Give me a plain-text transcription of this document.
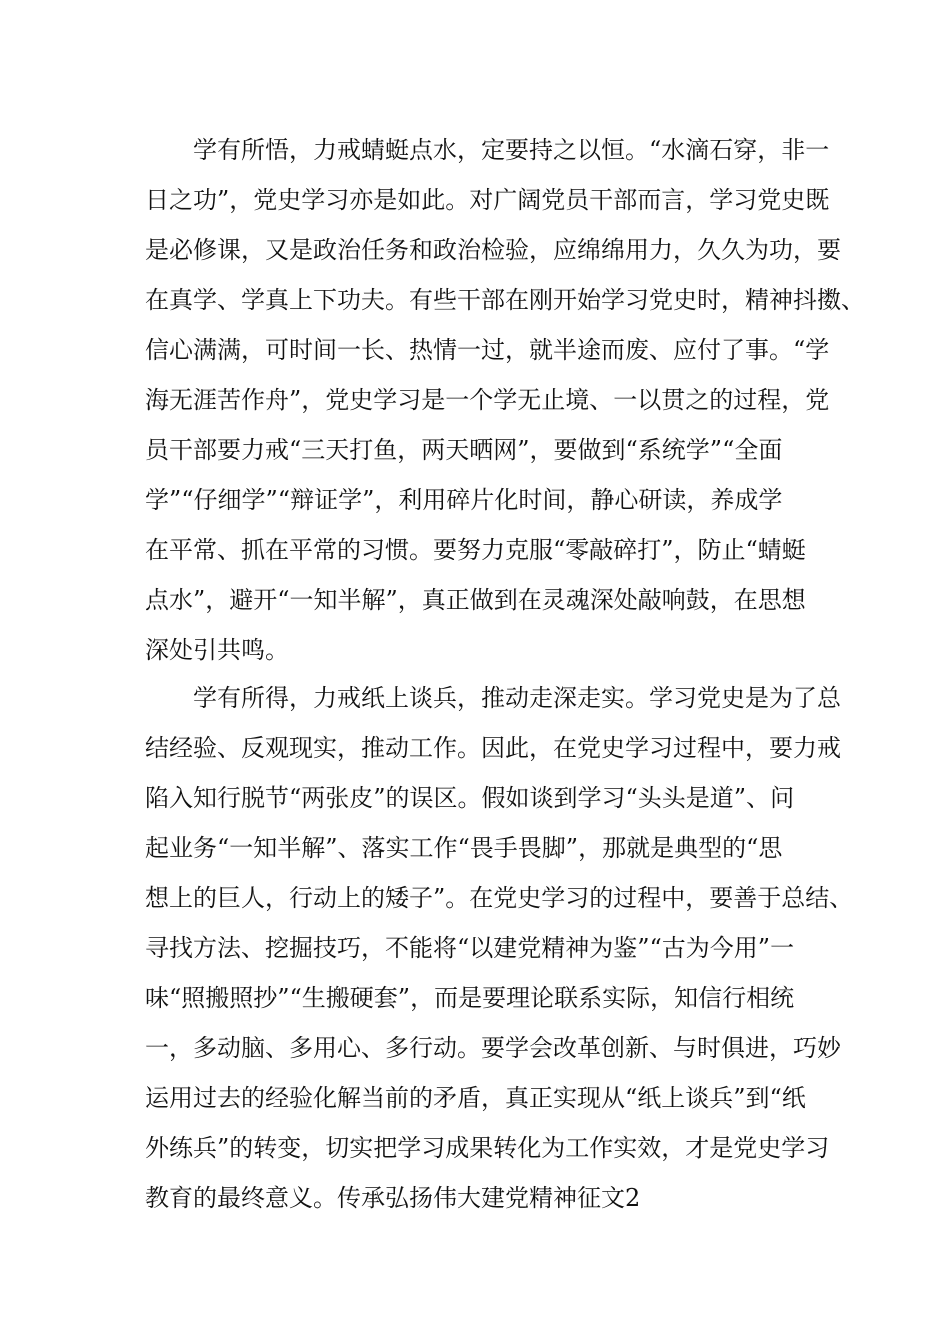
学有所悟，力戒蜻蜓点水，定要持之以恒。“水滴石穿，非一
日之功”，党史学习亦是如此。对广阔党员干部而言，学习党史既
是必修课，又是政治任务和政治检验，应绵绵用力，久久为功，要
在真学、学真上下功夫。有些干部在刚开始学习党史时，精神抖擞、
信心满满，可时间一长、热情一过，就半途而废、应付了事。“学
海无涯苦作舟”，党史学习是一个学无止境、一以贯之的过程，党
员干部要力戒“三天打鱼，两天晒网”，要做到“系统学”“全面
学”“仔细学”“辩证学”，利用碎片化时间，静心研读，养成学
在平常、抓在平常的习惯。要努力克服“零敲碎打”，防止“蜻蜓
点水”，避开“一知半解”，真正做到在灵魂深处敲响鼓，在思想
深处引共鸣。
学有所得，力戒纸上谈兵，推动走深走实。学习党史是为了总
结经验、反观现实，推动工作。因此，在党史学习过程中，要力戒
陷入知行脱节“两张皮”的误区。假如谈到学习“头头是道”、问
起业务“一知半解”、落实工作“畏手畏脚”，那就是典型的“思
想上的巨人，行动上的矮子”。在党史学习的过程中，要善于总结、
寻找方法、挖掘技巧，不能将“以建党精神为鉴”“古为今用”一
味“照搬照抄”“生搬硬套”，而是要理论联系实际，知信行相统
一，多动脑、多用心、多行动。要学会改革创新、与时俱进，巧妙
运用过去的经验化解当前的矛盾，真正实现从“纸上谈兵”到“纸
外练兵”的转变，切实把学习成果转化为工作实效，才是党史学习
教育的最终意义。传承弘扬伟大建党精神征文2
